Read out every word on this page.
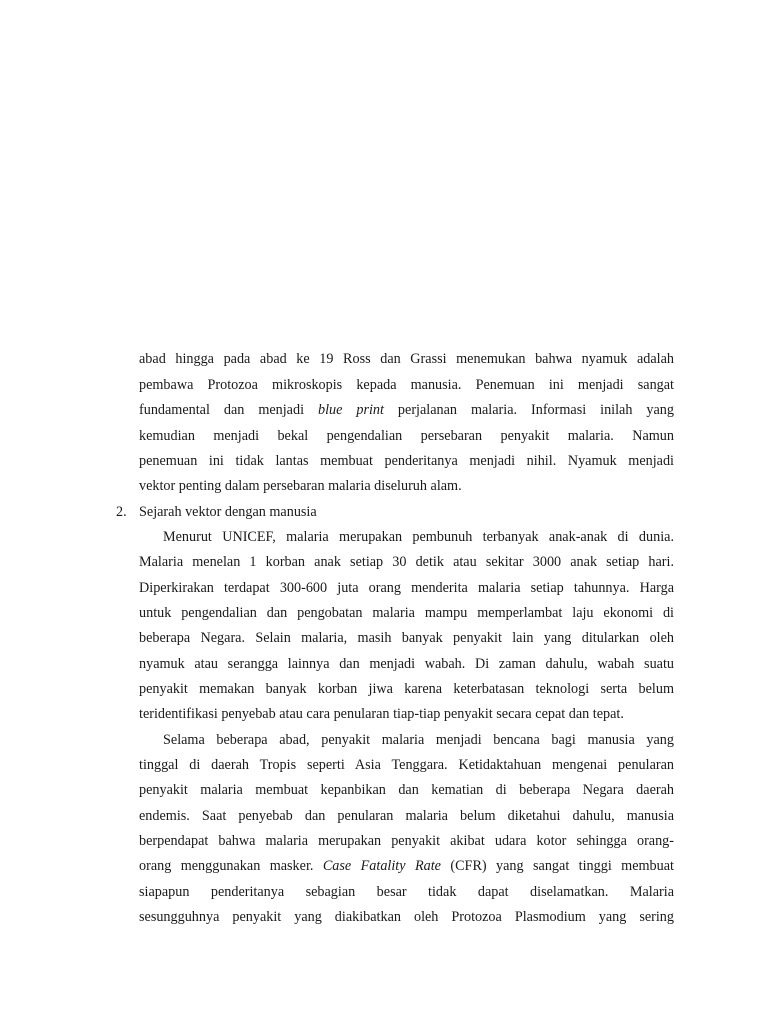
abad hingga pada abad ke 19 Ross dan Grassi menemukan bahwa nyamuk adalah
pembawa Protozoa mikroskopis kepada manusia. Penemuan ini menjadi sangat
fundamental dan menjadi blue print perjalanan malaria. Informasi inilah yang
kemudian menjadi bekal pengendalian persebaran penyakit malaria. Namun
penemuan ini tidak lantas membuat penderitanya menjadi nihil. Nyamuk menjadi
vektor penting dalam persebaran malaria diseluruh alam.
2. Sejarah vektor dengan manusia
Menurut UNICEF, malaria merupakan pembunuh terbanyak anak-anak di dunia.
Malaria menelan 1 korban anak setiap 30 detik atau sekitar 3000 anak setiap hari.
Diperkirakan terdapat 300-600 juta orang menderita malaria setiap tahunnya. Harga
untuk pengendalian dan pengobatan malaria mampu memperlambat laju ekonomi di
beberapa Negara. Selain malaria, masih banyak penyakit lain yang ditularkan oleh
nyamuk atau serangga lainnya dan menjadi wabah. Di zaman dahulu, wabah suatu
penyakit memakan banyak korban jiwa karena keterbatasan teknologi serta belum
teridentifikasi penyebab atau cara penularan tiap-tiap penyakit secara cepat dan tepat.
Selama beberapa abad, penyakit malaria menjadi bencana bagi manusia yang
tinggal di daerah Tropis seperti Asia Tenggara. Ketidaktahuan mengenai penularan
penyakit malaria membuat kepanbikan dan kematian di beberapa Negara daerah
endemis. Saat penyebab dan penularan malaria belum diketahui dahulu, manusia
berpendapat bahwa malaria merupakan penyakit akibat udara kotor sehingga orang-
orang menggunakan masker. Case Fatality Rate (CFR) yang sangat tinggi membuat
siapapun penderitanya sebagian besar tidak dapat diselamatkan. Malaria
sesungguhnya penyakit yang diakibatkan oleh Protozoa Plasmodium yang sering
